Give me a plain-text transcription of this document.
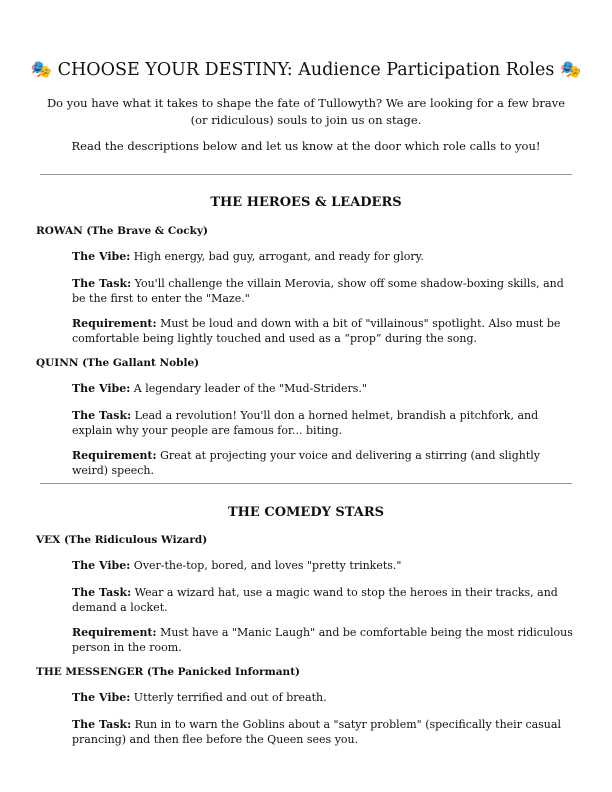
🎭 CHOOSE YOUR DESTINY: Audience Participation Roles 🎭

Do you have what it takes to shape the fate of Tullowyth? We are looking for a few brave (or ridiculous) souls to join us on stage.

Read the descriptions below and let us know at the door which role calls to you!

THE HEROES & LEADERS

ROWAN (The Brave & Cocky)

The Vibe: High energy, bad guy, arrogant, and ready for glory.

The Task: You'll challenge the villain Merovia, show off some shadow-boxing skills, and be the first to enter the "Maze."

Requirement: Must be loud and down with a bit of "villainous" spotlight. Also must be comfortable being lightly touched and used as a “prop” during the song.

QUINN (The Gallant Noble)

The Vibe: A legendary leader of the "Mud-Striders."

The Task: Lead a revolution! You'll don a horned helmet, brandish a pitchfork, and explain why your people are famous for... biting.

Requirement: Great at projecting your voice and delivering a stirring (and slightly weird) speech.

THE COMEDY STARS

VEX (The Ridiculous Wizard)

The Vibe: Over-the-top, bored, and loves "pretty trinkets."

The Task: Wear a wizard hat, use a magic wand to stop the heroes in their tracks, and demand a locket.

Requirement: Must have a "Manic Laugh" and be comfortable being the most ridiculous person in the room.

THE MESSENGER (The Panicked Informant)

The Vibe: Utterly terrified and out of breath.

The Task: Run in to warn the Goblins about a "satyr problem" (specifically their casual prancing) and then flee before the Queen sees you.
